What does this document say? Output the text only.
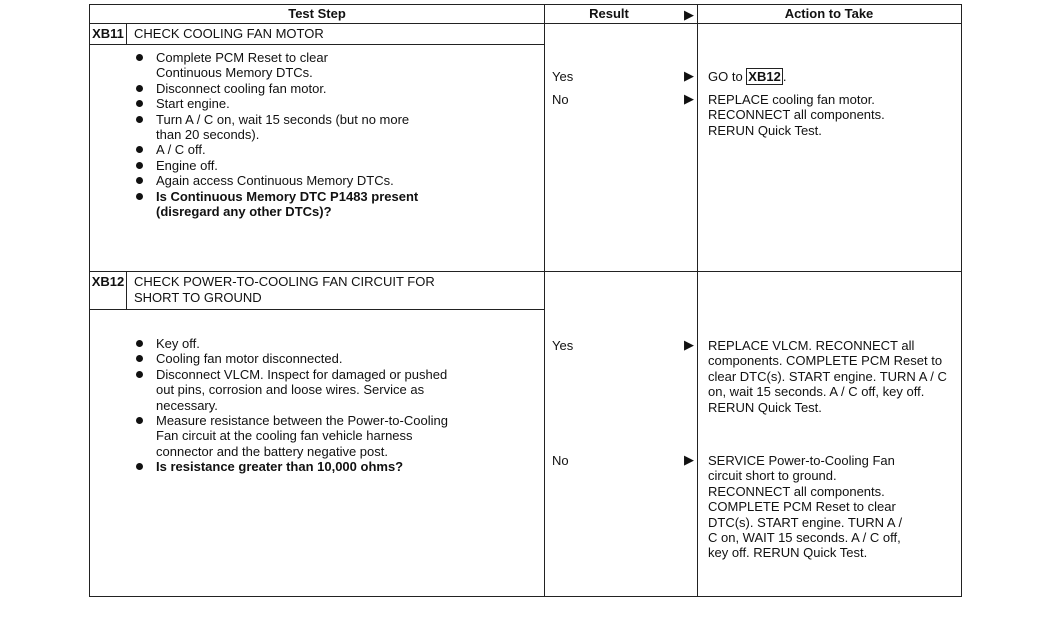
Test Step	Result	▶	Action to Take
XB11 CHECK COOLING FAN MOTOR
Complete PCM Reset to clear Continuous Memory DTCs.
Disconnect cooling fan motor.
Start engine.
Turn A / C on, wait 15 seconds (but no more than 20 seconds).
A / C off.
Engine off.
Again access Continuous Memory DTCs.
Is Continuous Memory DTC P1483 present (disregard any other DTCs)?
Yes	▶ GO to XB12 .
No	▶ REPLACE cooling fan motor. RECONNECT all components. RERUN Quick Test.
XB12 CHECK POWER-TO-COOLING FAN CIRCUIT FOR SHORT TO GROUND
Key off.
Cooling fan motor disconnected.
Disconnect VLCM. Inspect for damaged or pushed out pins, corrosion and loose wires. Service as necessary.
Measure resistance between the Power-to-Cooling Fan circuit at the cooling fan vehicle harness connector and the battery negative post.
Is resistance greater than 10,000 ohms?
Yes	▶ REPLACE VLCM. RECONNECT all components. COMPLETE PCM Reset to clear DTC(s). START engine. TURN A / C on, wait 15 seconds. A / C off, key off. RERUN Quick Test.
No	▶ SERVICE Power-to-Cooling Fan circuit short to ground. RECONNECT all components. COMPLETE PCM Reset to clear DTC(s). START engine. TURN A / C on, WAIT 15 seconds. A / C off, key off. RERUN Quick Test.
